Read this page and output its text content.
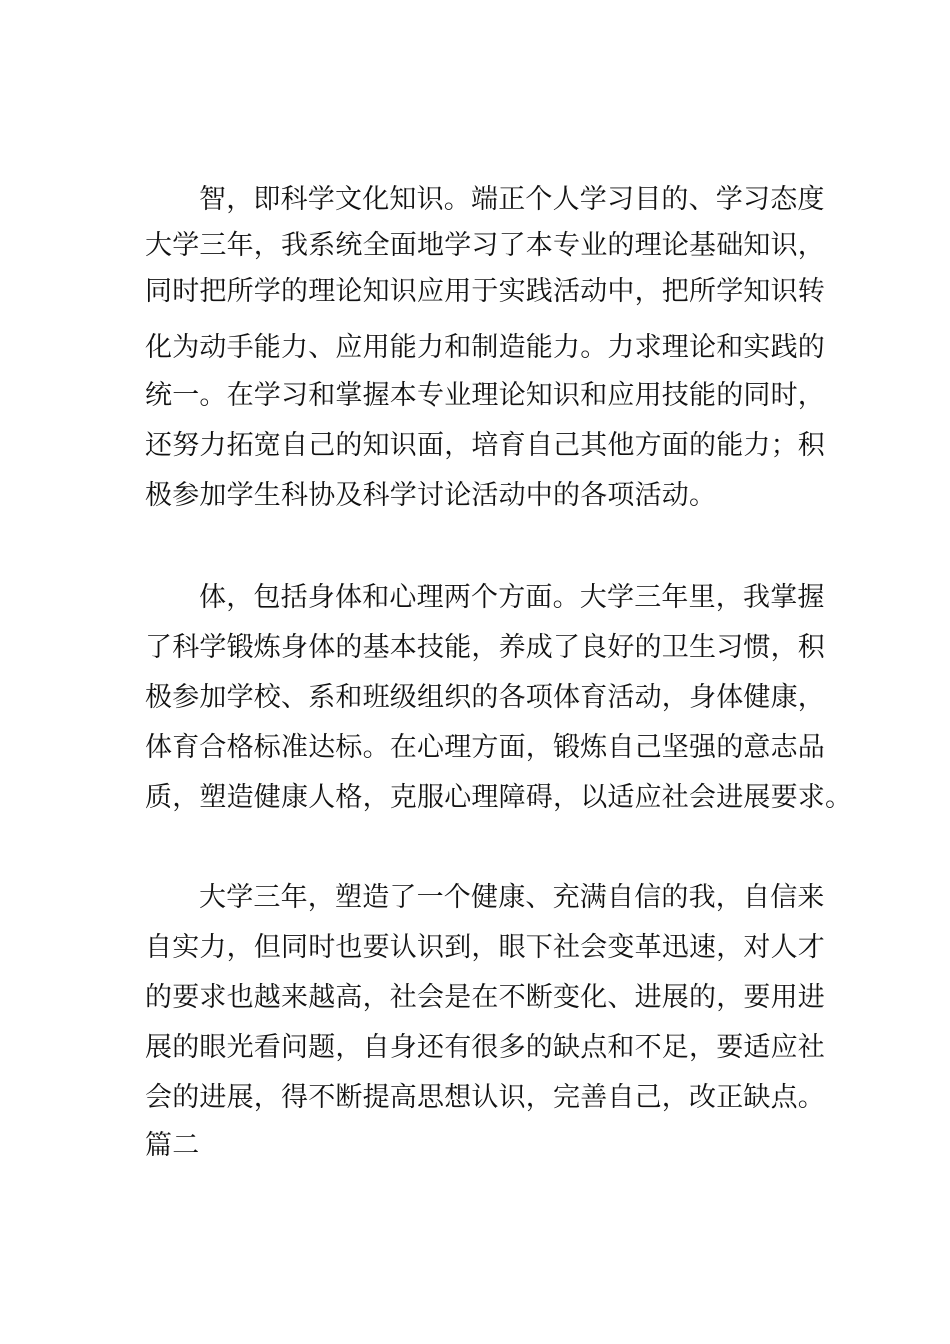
智，即科学文化知识。端正个人学习目的、学习态度
大学三年，我系统全面地学习了本专业的理论基础知识，
同时把所学的理论知识应用于实践活动中，把所学知识转
化为动手能力、应用能力和制造能力。力求理论和实践的
统一。在学习和掌握本专业理论知识和应用技能的同时，
还努力拓宽自己的知识面，培育自己其他方面的能力；积
极参加学生科协及科学讨论活动中的各项活动。
体，包括身体和心理两个方面。大学三年里，我掌握
了科学锻炼身体的基本技能，养成了良好的卫生习惯，积
极参加学校、系和班级组织的各项体育活动，身体健康，
体育合格标准达标。在心理方面，锻炼自己坚强的意志品
质，塑造健康人格，克服心理障碍，以适应社会进展要求。
大学三年，塑造了一个健康、充满自信的我，自信来
自实力，但同时也要认识到，眼下社会变革迅速，对人才
的要求也越来越高，社会是在不断变化、进展的，要用进
展的眼光看问题，自身还有很多的缺点和不足，要适应社
会的进展，得不断提高思想认识，完善自己，改正缺点。
篇二
